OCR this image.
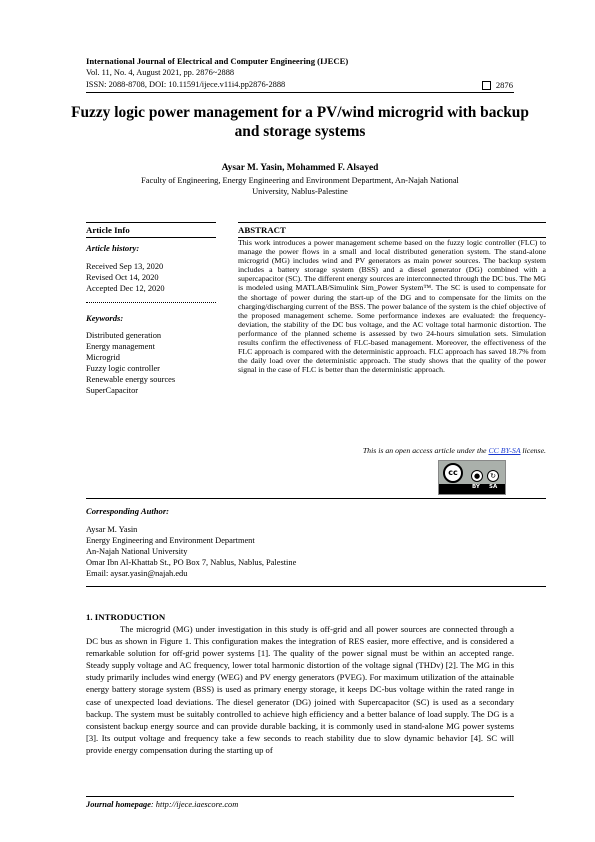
International Journal of Electrical and Computer Engineering (IJECE)
Vol. 11, No. 4, August 2021, pp. 2876~2888
ISSN: 2088-8708, DOI: 10.11591/ijece.v11i4.pp2876-2888	2876
Fuzzy logic power management for a PV/wind microgrid with backup and storage systems
Aysar M. Yasin, Mohammed F. Alsayed
Faculty of Engineering, Energy Engineering and Environment Department, An-Najah National University, Nablus-Palestine
Article Info
Article history:
Received Sep 13, 2020
Revised Oct 14, 2020
Accepted Dec 12, 2020
Keywords:
Distributed generation
Energy management
Microgrid
Fuzzy logic controller
Renewable energy sources
SuperCapacitor
ABSTRACT
This work introduces a power management scheme based on the fuzzy logic controller (FLC) to manage the power flows in a small and local distributed generation system. The stand-alone microgrid (MG) includes wind and PV generators as main power sources. The backup system includes a battery storage system (BSS) and a diesel generator (DG) combined with a supercapacitor (SC). The different energy sources are interconnected through the DC bus. The MG is modeled using MATLAB/Simulink Sim_Power System™. The SC is used to compensate for the shortage of power during the start-up of the DG and to compensate for the limits on the charging/discharging current of the BSS. The power balance of the system is the chief objective of the proposed management scheme. Some performance indexes are evaluated: the frequency-deviation, the stability of the DC bus voltage, and the AC voltage total harmonic distortion. The performance of the planned scheme is assessed by two 24-hours simulation sets. Simulation results confirm the effectiveness of FLC-based management. Moreover, the effectiveness of the FLC approach is compared with the deterministic approach. FLC approach has saved 18.7% from the daily load over the deterministic approach. The study shows that the quality of the power signal in the case of FLC is better than the deterministic approach.
This is an open access article under the CC BY-SA license.
cc	●	↻
BY SA
Corresponding Author:
Aysar M. Yasin
Energy Engineering and Environment Department
An-Najah National University
Omar Ibn Al-Khattab St., PO Box 7, Nablus, Nablus, Palestine
Email: aysar.yasin@najah.edu
1. INTRODUCTION
The microgrid (MG) under investigation in this study is off-grid and all power sources are connected through a DC bus as shown in Figure 1. This configuration makes the integration of RES easier, more effective, and is considered a remarkable solution for off-grid power systems [1]. The quality of the power signal must be within an accepted range. Steady supply voltage and AC frequency, lower total harmonic distortion of the voltage signal (THDv) [2]. The MG in this study primarily includes wind energy (WEG) and PV energy generators (PVEG). For maximum utilization of the attainable energy battery storage system (BSS) is used as primary energy storage, it keeps DC-bus voltage within the rated range in case of unexpected load deviations. The diesel generator (DG) joined with Supercapacitor (SC) is used as a secondary backup. The system must be suitably controlled to achieve high efficiency and a better balance of load supply. The DG is a consistent backup energy source and can provide durable backing, it is commonly used in stand-alone MG power systems [3]. Its output voltage and frequency take a few seconds to reach stability due to slow dynamic behavior [4]. SC will provide energy compensation during the starting up of
Journal homepage: http://ijece.iaescore.com
